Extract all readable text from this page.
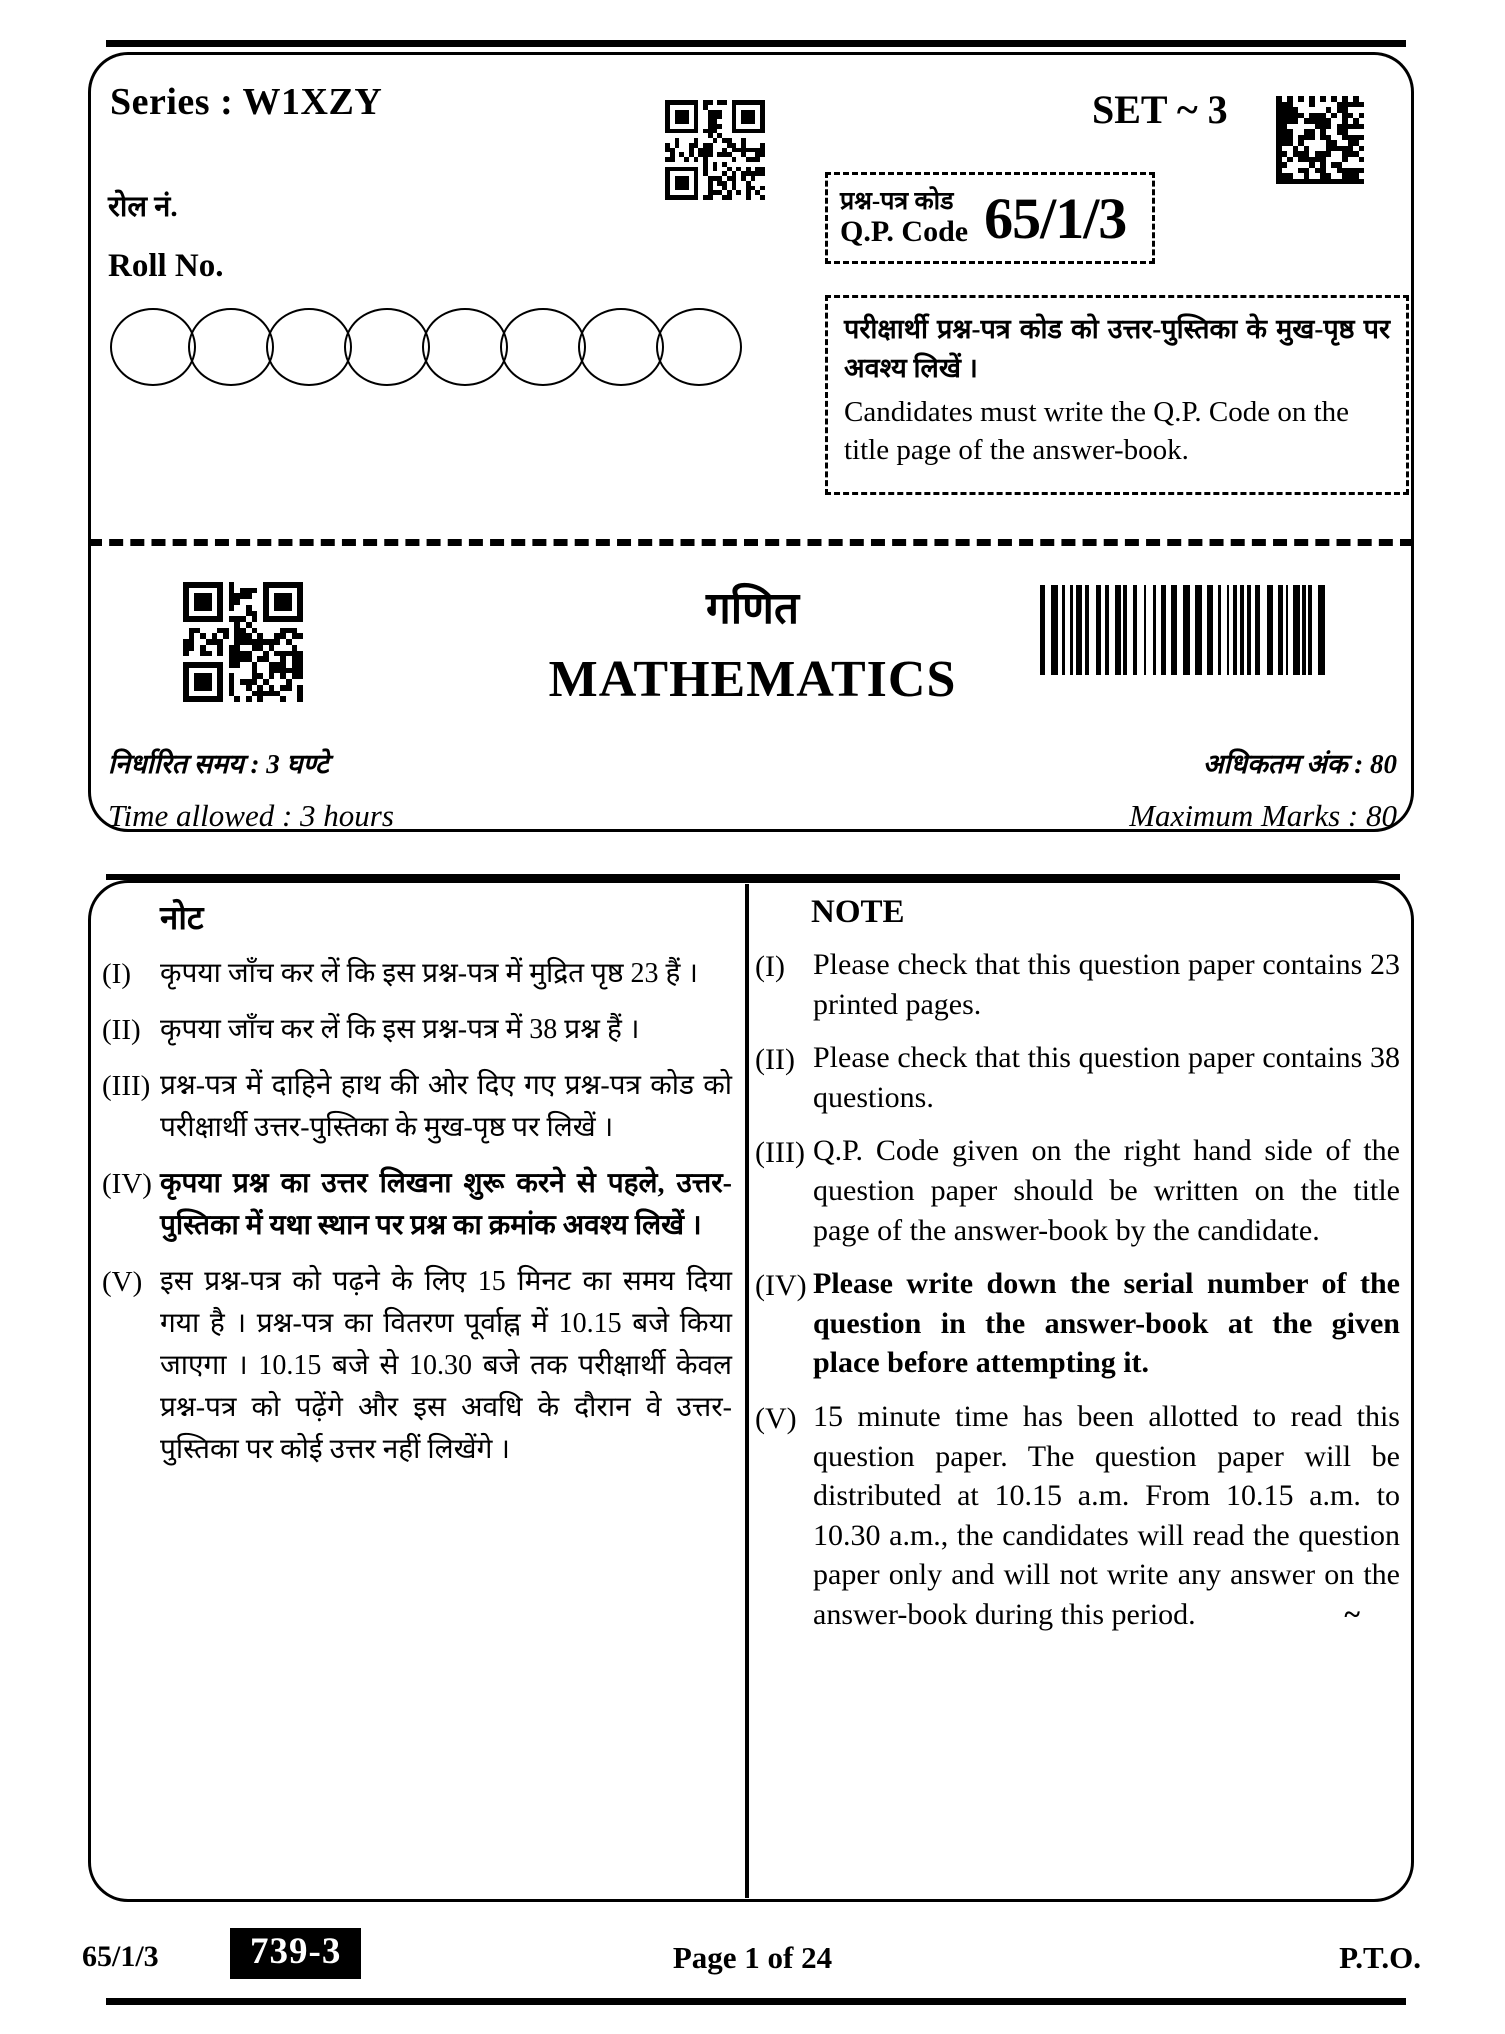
Series : W1XZY
रोल नं.
Roll No.
SET ~ 3
प्रश्न-पत्र कोड
Q.P. Code 65/1/3
परीक्षार्थी प्रश्न-पत्र कोड को उत्तर-पुस्तिका के मुख-पृष्ठ पर अवश्य लिखें ।
Candidates must write the Q.P. Code on the title page of the answer-book.
गणित
MATHEMATICS
निर्धारित समय : 3 घण्टे
Time allowed : 3 hours
अधिकतम अंक : 80
Maximum Marks : 80
नोट
(I)	कृपया जाँच कर लें कि इस प्रश्न-पत्र में मुद्रित पृष्ठ 23 हैं ।
(II) कृपया जाँच कर लें कि इस प्रश्न-पत्र में 38 प्रश्न हैं ।
(III) प्रश्न-पत्र में दाहिने हाथ की ओर दिए गए प्रश्न-पत्र कोड को परीक्षार्थी उत्तर-पुस्तिका के मुख-पृष्ठ पर लिखें ।
(IV) कृपया प्रश्न का उत्तर लिखना शुरू करने से पहले, उत्तर-पुस्तिका में यथा स्थान पर प्रश्न का क्रमांक अवश्य लिखें ।
(V) इस प्रश्न-पत्र को पढ़ने के लिए 15 मिनट का समय दिया गया है । प्रश्न-पत्र का वितरण पूर्वाह्न में 10.15 बजे किया जाएगा । 10.15 बजे से 10.30 बजे तक परीक्षार्थी केवल प्रश्न-पत्र को पढ़ेंगे और इस अवधि के दौरान वे उत्तर-पुस्तिका पर कोई उत्तर नहीं लिखेंगे ।
NOTE
(I) Please check that this question paper contains 23 printed pages.
(II) Please check that this question paper contains 38 questions.
(III) Q.P. Code given on the right hand side of the question paper should be written on the title page of the answer-book by the candidate.
(IV) Please write down the serial number of the question in the answer-book at the given place before attempting it.
(V) 15 minute time has been allotted to read this question paper. The question paper will be distributed at 10.15 a.m. From 10.15 a.m. to 10.30 a.m., the candidates will read the question paper only and will not write any answer on the answer-book during this period.	~
65/1/3	739-3	Page 1 of 24	P.T.O.
